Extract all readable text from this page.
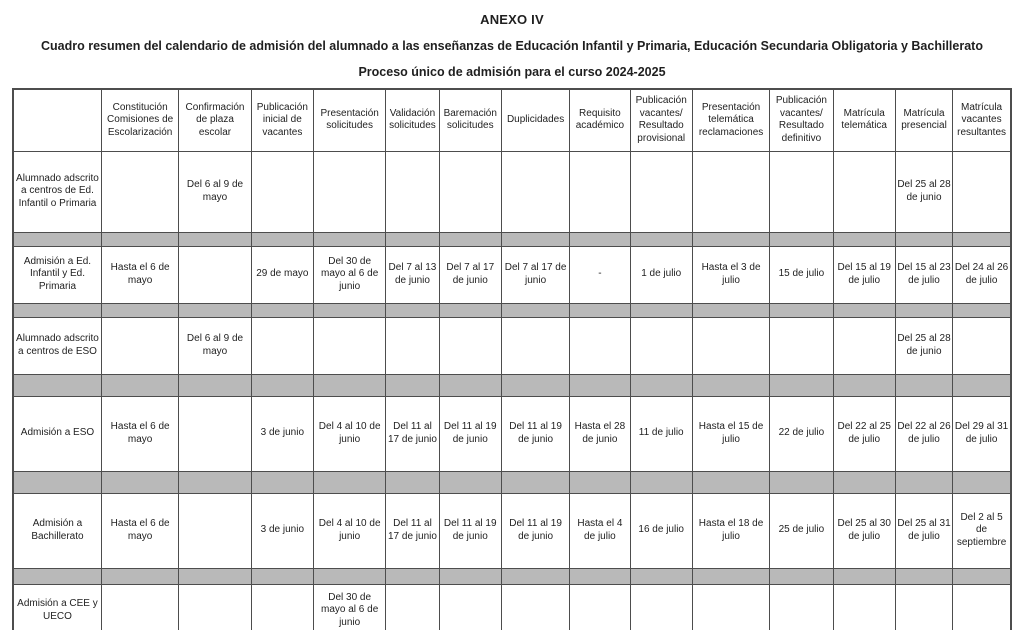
ANEXO IV

Cuadro resumen del calendario de admisión del alumnado a las enseñanzas de Educación Infantil y Primaria, Educación Secundaria Obligatoria y Bachillerato

Proceso único de admisión para el curso 2024-2025

	Constitución Comisiones de Escolarización	Confirmación de plaza escolar	Publicación inicial de vacantes	Presentación solicitudes	Validación solicitudes	Baremación solicitudes	Duplicidades	Requisito académico	Publicación vacantes/ Resultado provisional	Presentación telemática reclamaciones	Publicación vacantes/ Resultado definitivo	Matrícula telemática	Matrícula presencial	Matrícula vacantes resultantes
Alumnado adscrito a centros de Ed. Infantil o Primaria		Del 6 al 9 de mayo											Del 25 al 28 de junio	

Admisión a Ed. Infantil y Ed. Primaria	Hasta el 6 de mayo		29 de mayo	Del 30 de mayo al 6 de junio	Del 7 al 13 de junio	Del 7 al 17 de junio	Del 7 al 17 de junio	-	1 de julio	Hasta el 3 de julio	15 de julio	Del 15 al 19 de julio	Del 15 al 23 de julio	Del 24 al 26 de julio

Alumnado adscrito a centros de ESO		Del 6 al 9 de mayo											Del 25 al 28 de junio	

Admisión a ESO	Hasta el 6 de mayo		3 de junio	Del 4 al 10 de junio	Del 11 al 17 de junio	Del 11 al 19 de junio	Del 11 al 19 de junio	Hasta el 28 de junio	11 de julio	Hasta el 15 de julio	22 de julio	Del 22 al 25 de julio	Del 22 al 26 de julio	Del 29 al 31 de julio

Admisión a Bachillerato	Hasta el 6 de mayo		3 de junio	Del 4 al 10 de junio	Del 11 al 17 de junio	Del 11 al 19 de junio	Del 11 al 19 de junio	Hasta el 4 de julio	16 de julio	Hasta el 18 de julio	25 de julio	Del 25 al 30 de julio	Del 25 al 31 de julio	Del 2 al 5 de septiembre

Admisión a CEE y UECO				Del 30 de mayo al 6 de junio										
